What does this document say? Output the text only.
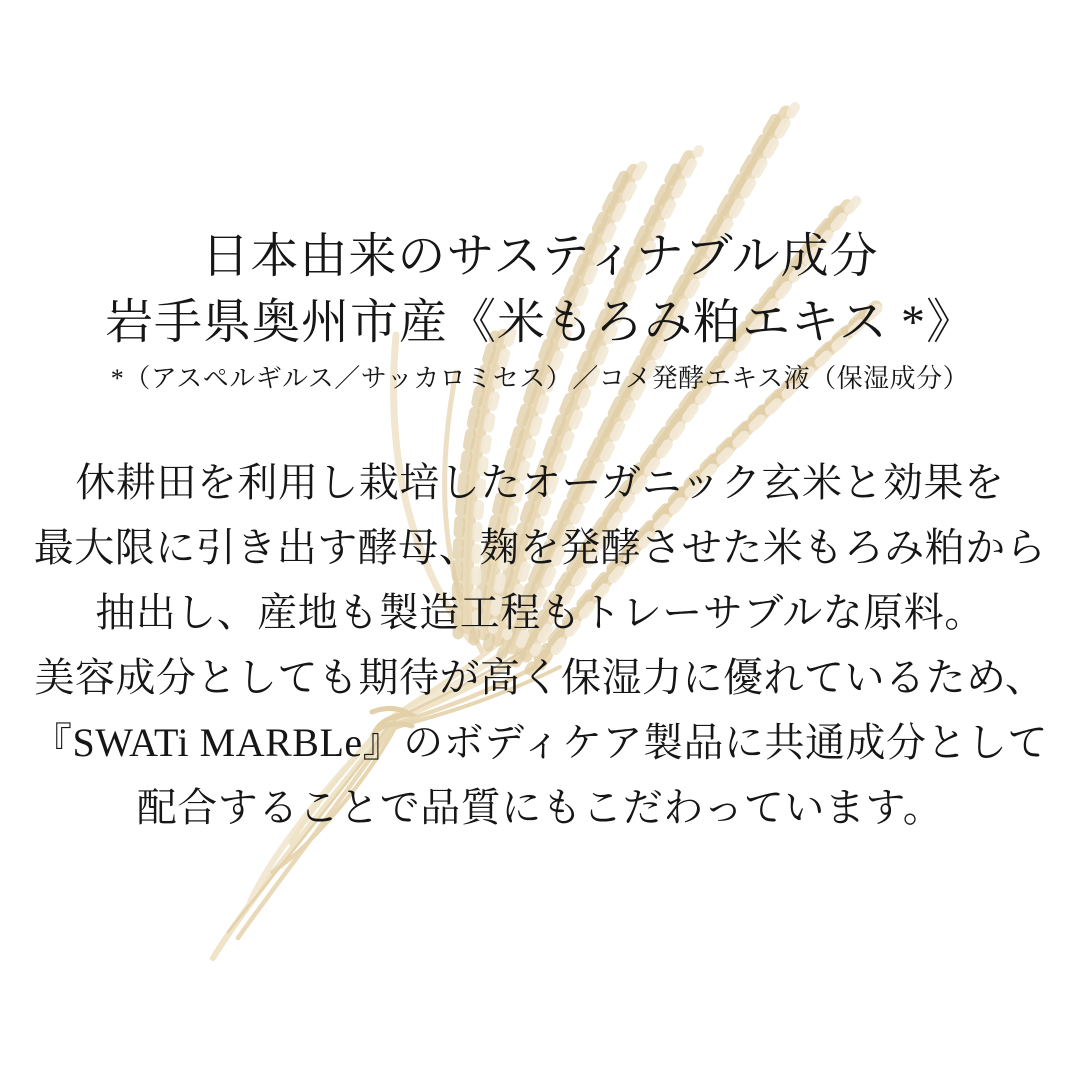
日本由来のサスティナブル成分
岩手県奥州市産《米もろみ粕エキス *》
*（アスペルギルス／サッカロミセス）／コメ発酵エキス液（保湿成分）
休耕田を利用し栽培したオーガニック玄米と効果を
最大限に引き出す酵母、麹を発酵させた米もろみ粕から
抽出し、産地も製造工程もトレーサブルな原料。
美容成分としても期待が高く保湿力に優れているため、
『SWATi MARBLe』のボディケア製品に共通成分として
配合することで品質にもこだわっています。
